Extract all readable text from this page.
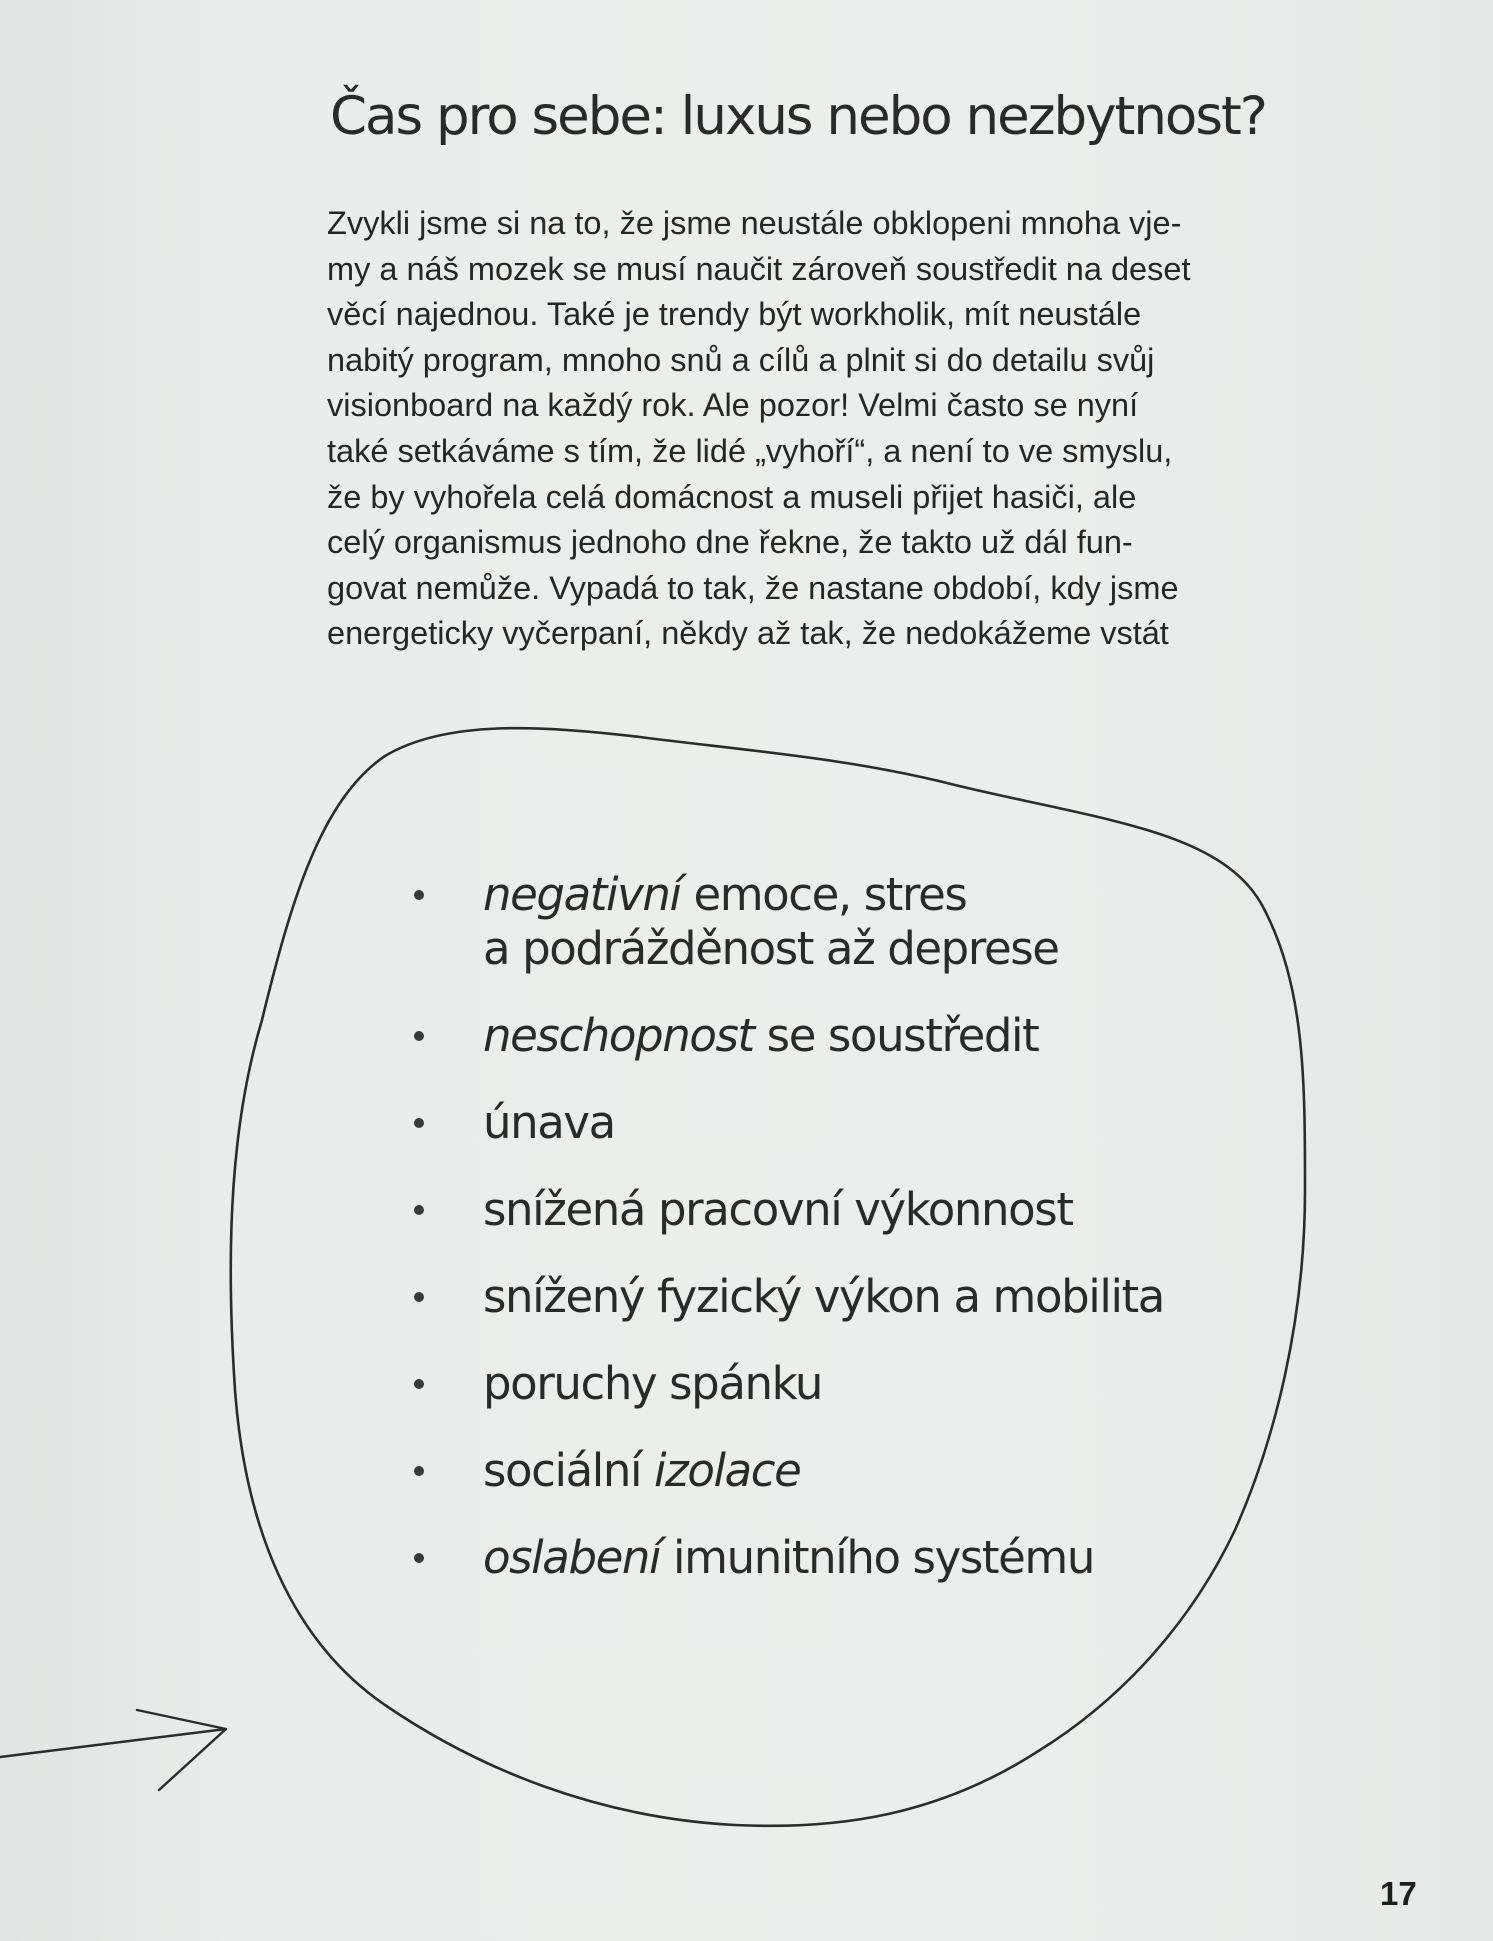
Čas pro sebe: luxus nebo nezbytnost?
Zvykli jsme si na to, že jsme neustále obklopeni mnoha vje-
my a náš mozek se musí naučit zároveň soustředit na deset
věcí najednou. Také je trendy být workholik, mít neustále
nabitý program, mnoho snů a cílů a plnit si do detailu svůj
visionboard na každý rok. Ale pozor! Velmi často se nyní
také setkáváme s tím, že lidé „vyhoří“, a není to ve smyslu,
že by vyhořela celá domácnost a museli přijet hasiči, ale
celý organismus jednoho dne řekne, že takto už dál fun-
govat nemůže. Vypadá to tak, že nastane období, kdy jsme
energeticky vyčerpaní, někdy až tak, že nedokážeme vstát
negativní emoce, stres
a podrážděnost až deprese
neschopnost se soustředit
únava
snížená pracovní výkonnost
snížený fyzický výkon a mobilita
poruchy spánku
sociální izolace
oslabení imunitního systému
17
